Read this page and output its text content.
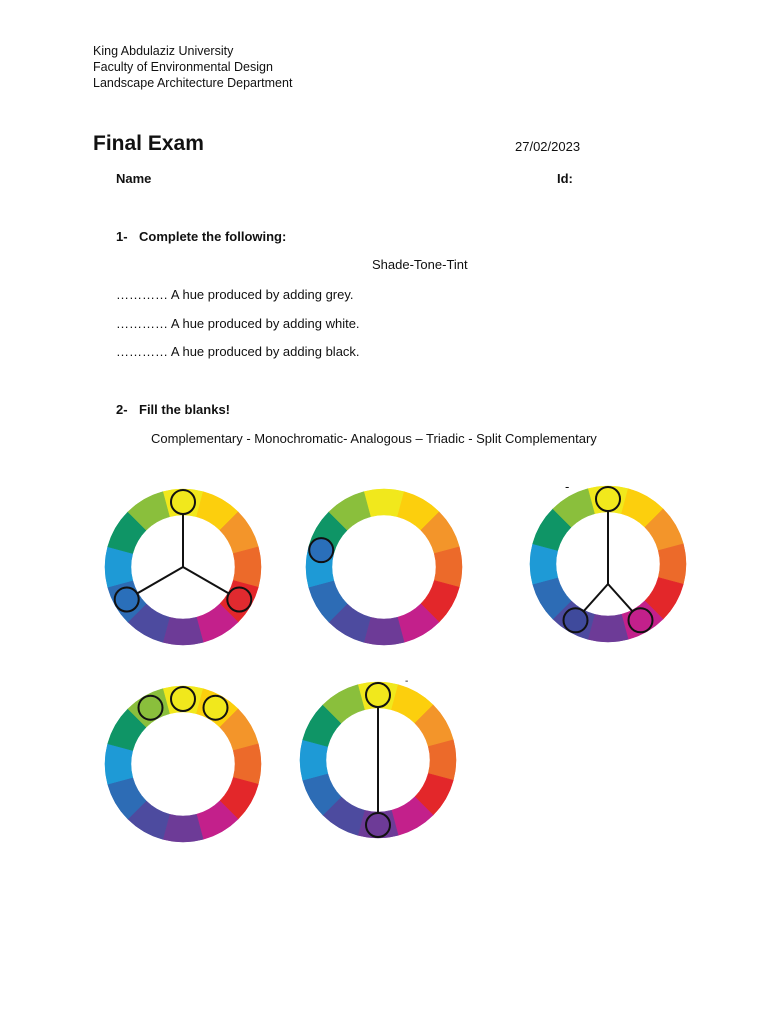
King Abdulaziz University
Faculty of Environmental Design
Landscape Architecture Department
Final Exam	27/02/2023
Name	Id:
1- Complete the following:
Shade-Tone-Tint
………… A hue produced by adding grey.
………… A hue produced by adding white.
………… A hue produced by adding black.
2- Fill the blanks!
Complementary - Monochromatic- Analogous – Triadic - Split Complementary
-
-
